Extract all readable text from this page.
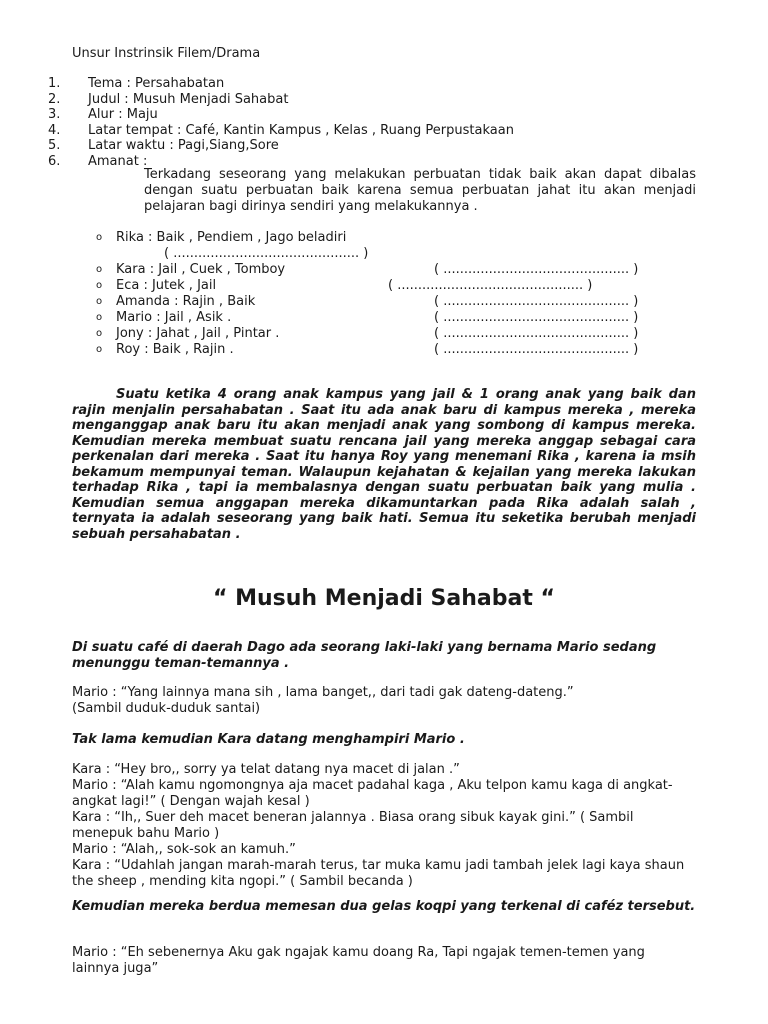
Unsur Instrinsik Filem/Drama
1.	Tema : Persahabatan
2.	Judul : Musuh Menjadi Sahabat
3.	Alur : Maju
4.	Latar tempat : Café, Kantin Kampus , Kelas , Ruang Perpustakaan
5.	Latar waktu : Pagi,Siang,Sore
6.	Amanat :

Terkadang seseorang yang melakukan perbuatan tidak baik akan dapat dibalas dengan suatu perbuatan baik karena semua perbuatan jahat itu akan menjadi pelajaran bagi dirinya sendiri yang melakukannya .

o Rika : Baik , Pendiem , Jago beladiri
( ............................................. )
o Kara : Jail , Cuek , Tomboy	( ............................................. )
o Eca : Jutek , Jail	( ............................................. )
o Amanda : Rajin , Baik	( ............................................. )
o Mario : Jail , Asik .	( ............................................. )
o Jony : Jahat , Jail , Pintar .	( ............................................. )
o Roy : Baik , Rajin .	( ............................................. )

Suatu ketika 4 orang anak kampus yang jail & 1 orang anak yang baik dan rajin menjalin persahabatan . Saat itu ada anak baru di kampus mereka , mereka menganggap anak baru itu akan menjadi anak yang sombong di kampus mereka. Kemudian mereka membuat suatu rencana jail yang mereka anggap sebagai cara perkenalan dari mereka . Saat itu hanya Roy yang menemani Rika , karena ia msih bekamum mempunyai teman. Walaupun kejahatan & kejailan yang mereka lakukan terhadap Rika , tapi ia membalasnya dengan suatu perbuatan baik yang mulia . Kemudian semua anggapan mereka dikamuntarkan pada Rika adalah salah , ternyata ia adalah seseorang yang baik hati. Semua itu seketika berubah menjadi sebuah persahabatan .

“ Musuh Menjadi Sahabat “

Di suatu café di daerah Dago ada seorang laki-laki yang bernama Mario sedang menunggu teman-temannya .

Mario : “Yang lainnya mana sih , lama banget,, dari tadi gak dateng-dateng.”

(Sambil duduk-duduk santai)

Tak lama kemudian Kara datang menghampiri Mario .

Kara : “Hey bro,, sorry ya telat datang nya macet di jalan .”

Mario : “Alah kamu ngomongnya aja macet padahal kaga , Aku telpon kamu kaga di angkat-angkat lagi!” ( Dengan wajah kesal )

Kara : “Ih,, Suer deh macet beneran jalannya . Biasa orang sibuk kayak gini.” ( Sambil menepuk bahu Mario )

Mario : “Alah,, sok-sok an kamuh.”

Kara : “Udahlah jangan marah-marah terus, tar muka kamu jadi tambah jelek lagi kaya shaun the sheep , mending kita ngopi.” ( Sambil becanda )

Kemudian mereka berdua memesan dua gelas koqpi yang terkenal di caféz tersebut.

Mario : “Eh sebenernya Aku gak ngajak kamu doang Ra, Tapi ngajak temen-temen yang lainnya juga”
